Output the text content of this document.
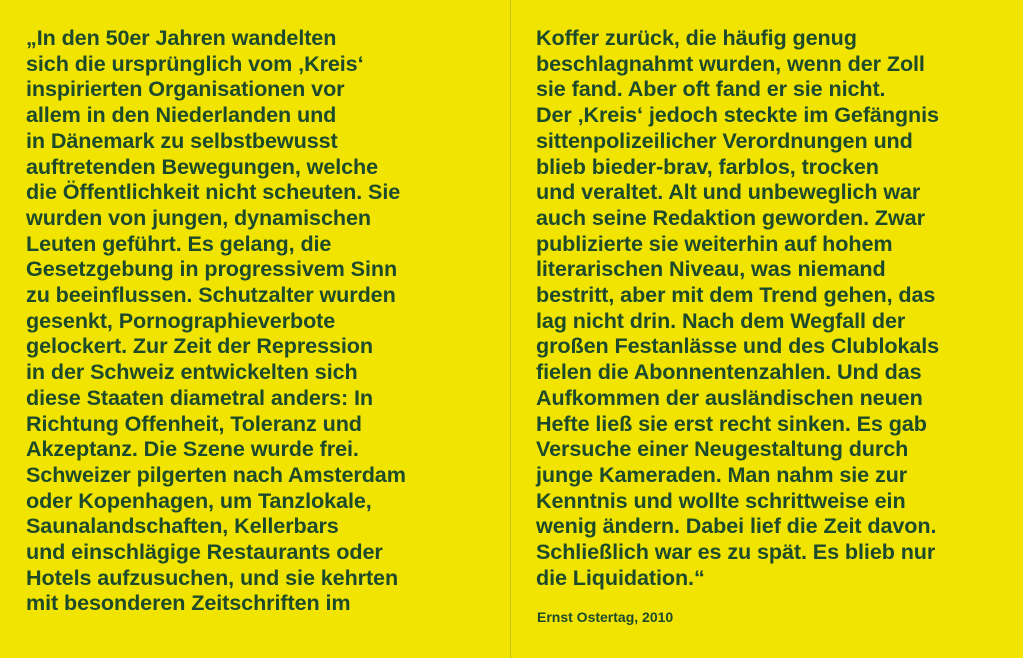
„In den 50er Jahren wandelten
sich die ursprünglich vom ‚Kreis‘
inspirierten Organisationen vor
allem in den Niederlanden und
in Dänemark zu selbstbewusst
auftretenden Bewegungen, welche
die Öffentlichkeit nicht scheuten. Sie
wurden von jungen, dynamischen
Leuten geführt. Es gelang, die
Gesetzgebung in progressivem Sinn
zu beeinflussen. Schutzalter wurden
gesenkt, Pornographieverbote
gelockert. Zur Zeit der Repression
in der Schweiz entwickelten sich
diese Staaten diametral anders: In
Richtung Offenheit, Toleranz und
Akzeptanz. Die Szene wurde frei.
Schweizer pilgerten nach Amsterdam
oder Kopenhagen, um Tanzlokale,
Saunalandschaften, Kellerbars
und einschlägige Restaurants oder
Hotels aufzusuchen, und sie kehrten
mit besonderen Zeitschriften im
Koffer zurück, die häufig genug
beschlagnahmt wurden, wenn der Zoll
sie fand. Aber oft fand er sie nicht.
Der ‚Kreis‘ jedoch steckte im Gefängnis
sittenpolizeilicher Verordnungen und
blieb bieder-brav, farblos, trocken
und veraltet. Alt und unbeweglich war
auch seine Redaktion geworden. Zwar
publizierte sie weiterhin auf hohem
literarischen Niveau, was niemand
bestritt, aber mit dem Trend gehen, das
lag nicht drin. Nach dem Wegfall der
großen Festanlässe und des Clublokals
fielen die Abonnentenzahlen. Und das
Aufkommen der ausländischen neuen
Hefte ließ sie erst recht sinken. Es gab
Versuche einer Neugestaltung durch
junge Kameraden. Man nahm sie zur
Kenntnis und wollte schrittweise ein
wenig ändern. Dabei lief die Zeit davon.
Schließlich war es zu spät. Es blieb nur
die Liquidation.“
Ernst Ostertag, 2010
